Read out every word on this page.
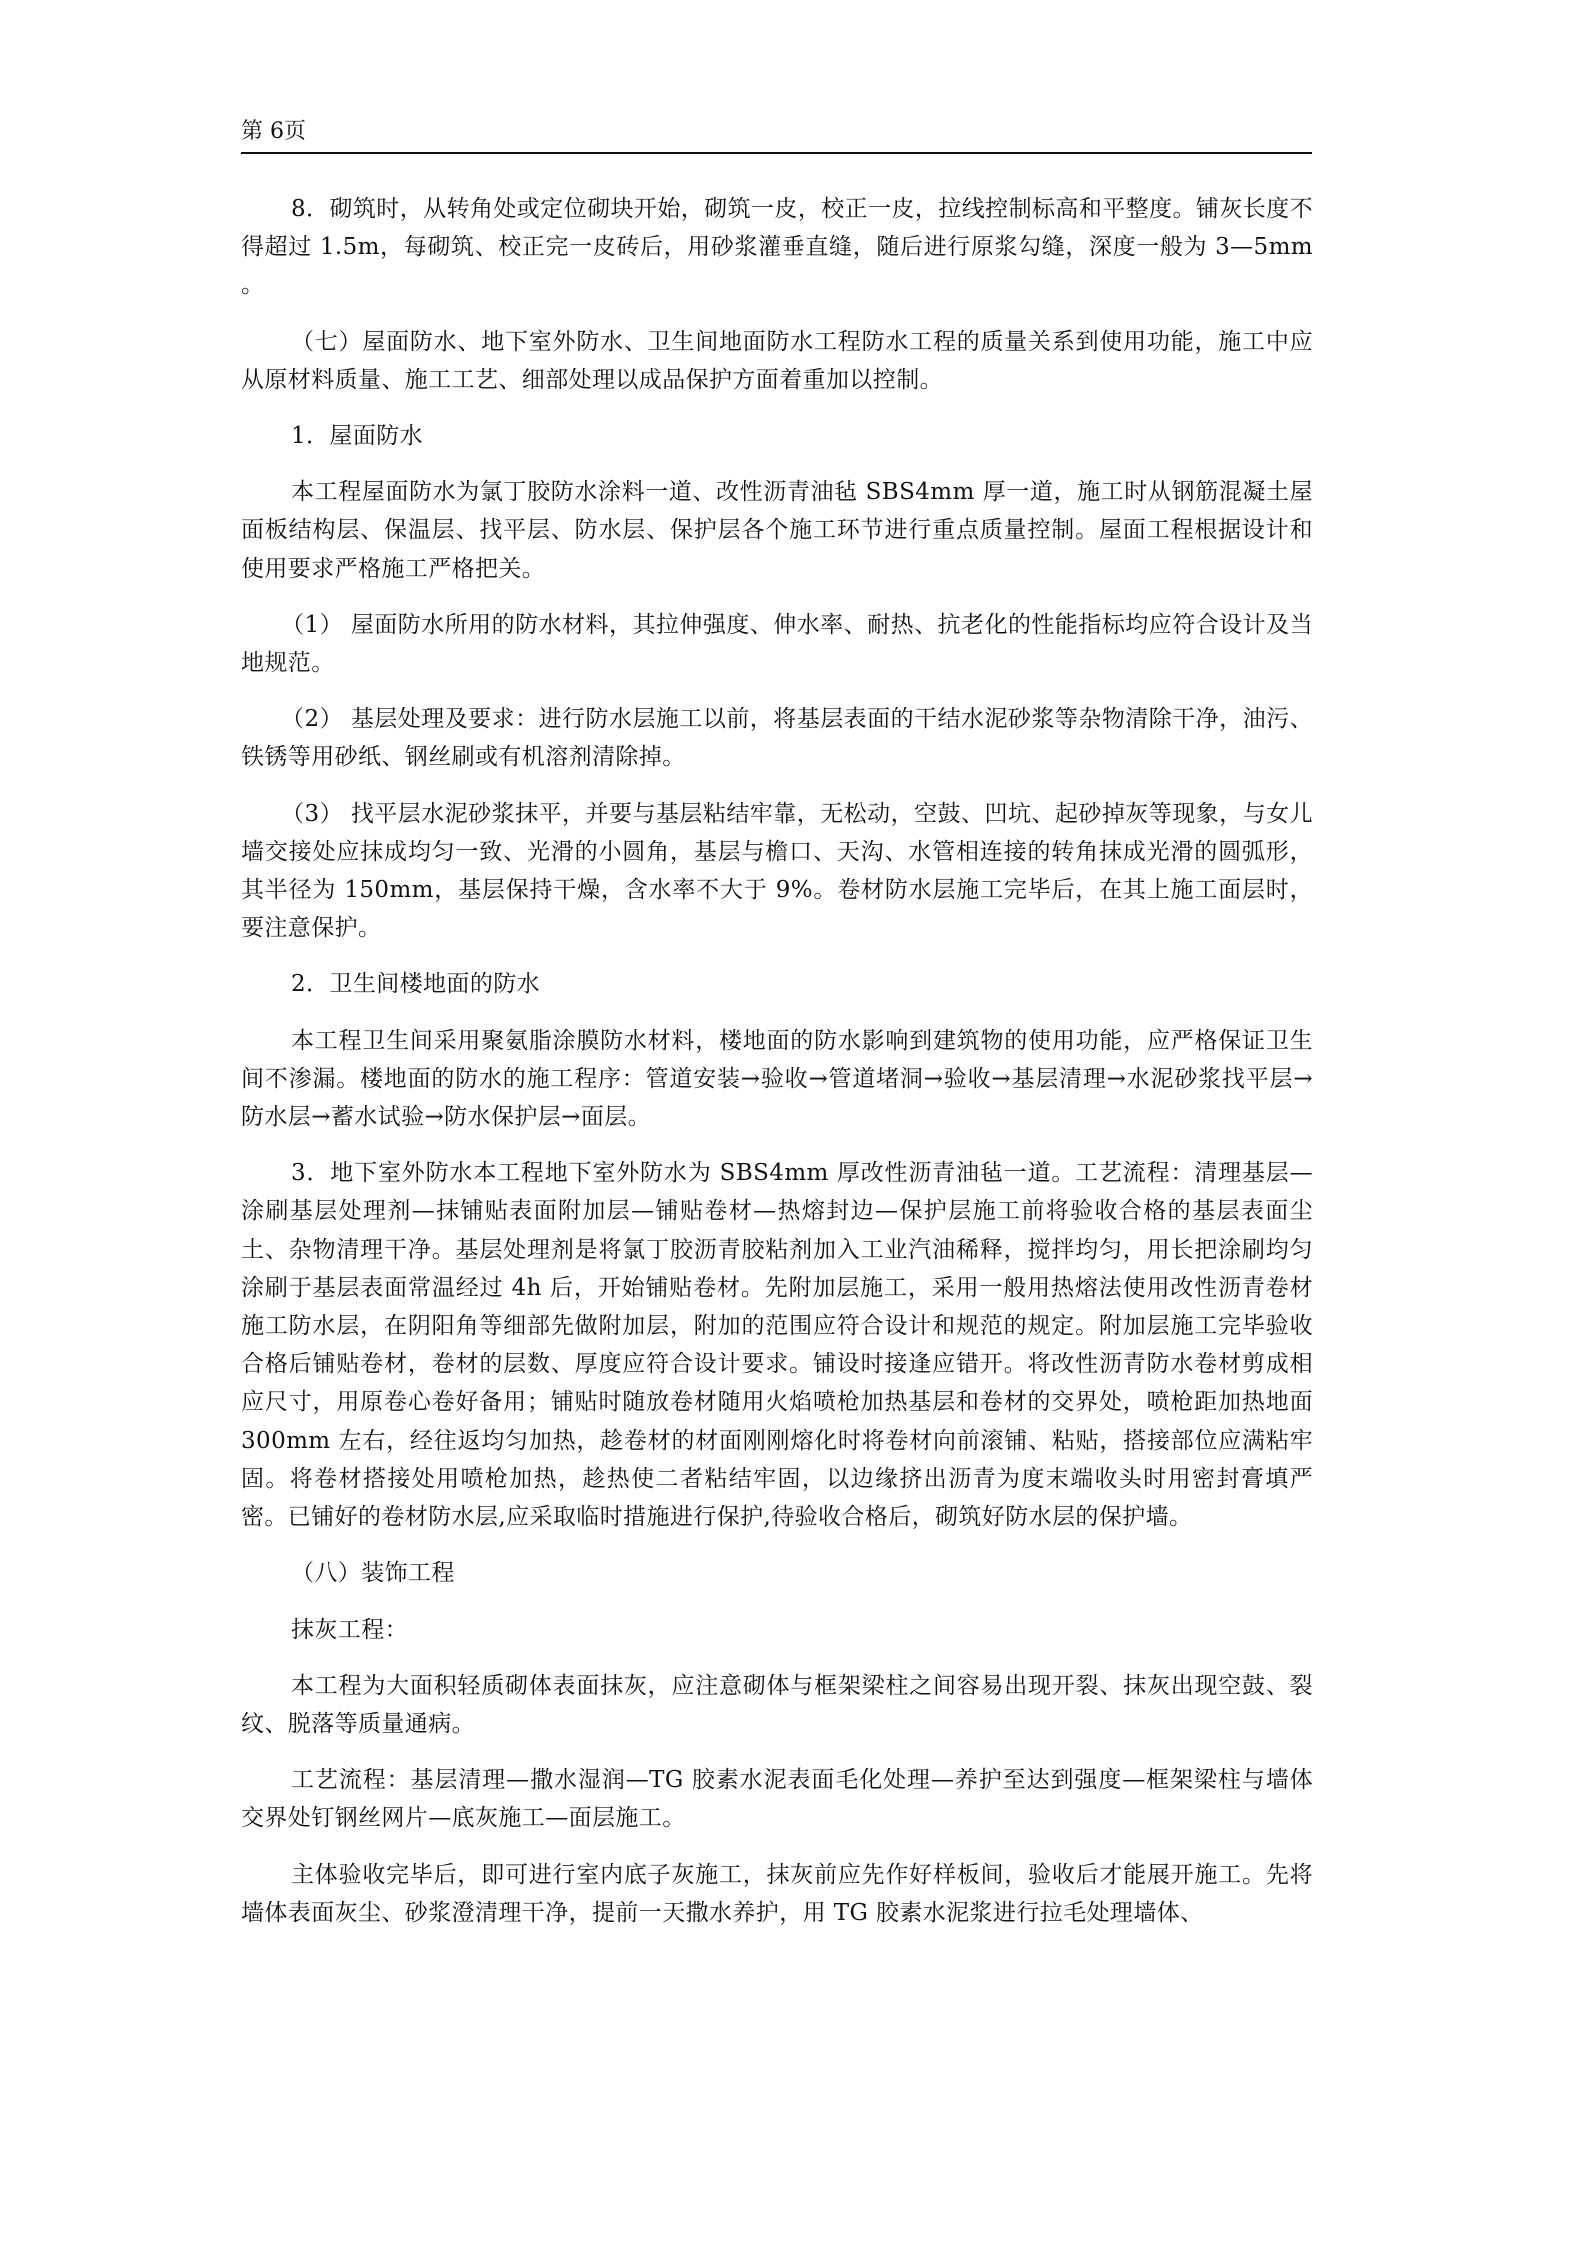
第 6页

8．砌筑时，从转角处或定位砌块开始，砌筑一皮，校正一皮，拉线控制标高和平整度。铺灰长度不得超过 1.5m，每砌筑、校正完一皮砖后，用砂浆灌垂直缝，随后进行原浆勾缝，深度一般为 3—5mm 。

（七）屋面防水、地下室外防水、卫生间地面防水工程防水工程的质量关系到使用功能，施工中应从原材料质量、施工工艺、细部处理以成品保护方面着重加以控制。

1．屋面防水

本工程屋面防水为氯丁胶防水涂料一道、改性沥青油毡 SBS4mm 厚一道，施工时从钢筋混凝土屋面板结构层、保温层、找平层、防水层、保护层各个施工环节进行重点质量控制。屋面工程根据设计和使用要求严格施工严格把关。

（1） 屋面防水所用的防水材料，其拉伸强度、伸水率、耐热、抗老化的性能指标均应符合设计及当地规范。

（2） 基层处理及要求：进行防水层施工以前，将基层表面的干结水泥砂浆等杂物清除干净，油污、铁锈等用砂纸、钢丝刷或有机溶剂清除掉。

（3） 找平层水泥砂浆抹平，并要与基层粘结牢靠，无松动，空鼓、凹坑、起砂掉灰等现象，与女儿墙交接处应抹成均匀一致、光滑的小圆角，基层与檐口、天沟、水管相连接的转角抹成光滑的圆弧形，其半径为 150mm，基层保持干燥，含水率不大于 9%。卷材防水层施工完毕后，在其上施工面层时，要注意保护。

2．卫生间楼地面的防水

本工程卫生间采用聚氨脂涂膜防水材料，楼地面的防水影响到建筑物的使用功能，应严格保证卫生间不渗漏。楼地面的防水的施工程序：管道安装→验收→管道堵洞→验收→基层清理→水泥砂浆找平层→防水层→蓄水试验→防水保护层→面层。

3．地下室外防水本工程地下室外防水为 SBS4mm 厚改性沥青油毡一道。工艺流程：清理基层—涂刷基层处理剂—抹铺贴表面附加层—铺贴卷材—热熔封边—保护层施工前将验收合格的基层表面尘土、杂物清理干净。基层处理剂是将氯丁胶沥青胶粘剂加入工业汽油稀释，搅拌均匀，用长把涂刷均匀涂刷于基层表面常温经过 4h 后，开始铺贴卷材。先附加层施工，采用一般用热熔法使用改性沥青卷材施工防水层，在阴阳角等细部先做附加层，附加的范围应符合设计和规范的规定。附加层施工完毕验收合格后铺贴卷材，卷材的层数、厚度应符合设计要求。铺设时接逢应错开。将改性沥青防水卷材剪成相应尺寸，用原卷心卷好备用；铺贴时随放卷材随用火焰喷枪加热基层和卷材的交界处，喷枪距加热地面 300mm 左右，经往返均匀加热，趁卷材的材面刚刚熔化时将卷材向前滚铺、粘贴，搭接部位应满粘牢固。将卷材搭接处用喷枪加热，趁热使二者粘结牢固，以边缘挤出沥青为度末端收头时用密封膏填严密。已铺好的卷材防水层,应采取临时措施进行保护,待验收合格后，砌筑好防水层的保护墙。

（八）装饰工程

抹灰工程：

本工程为大面积轻质砌体表面抹灰，应注意砌体与框架梁柱之间容易出现开裂、抹灰出现空鼓、裂纹、脱落等质量通病。

工艺流程：基层清理—撒水湿润—TG 胶素水泥表面毛化处理—养护至达到强度—框架梁柱与墙体交界处钉钢丝网片—底灰施工—面层施工。

主体验收完毕后，即可进行室内底子灰施工，抹灰前应先作好样板间，验收后才能展开施工。先将墙体表面灰尘、砂浆澄清理干净，提前一天撒水养护，用 TG 胶素水泥浆进行拉毛处理墙体、
